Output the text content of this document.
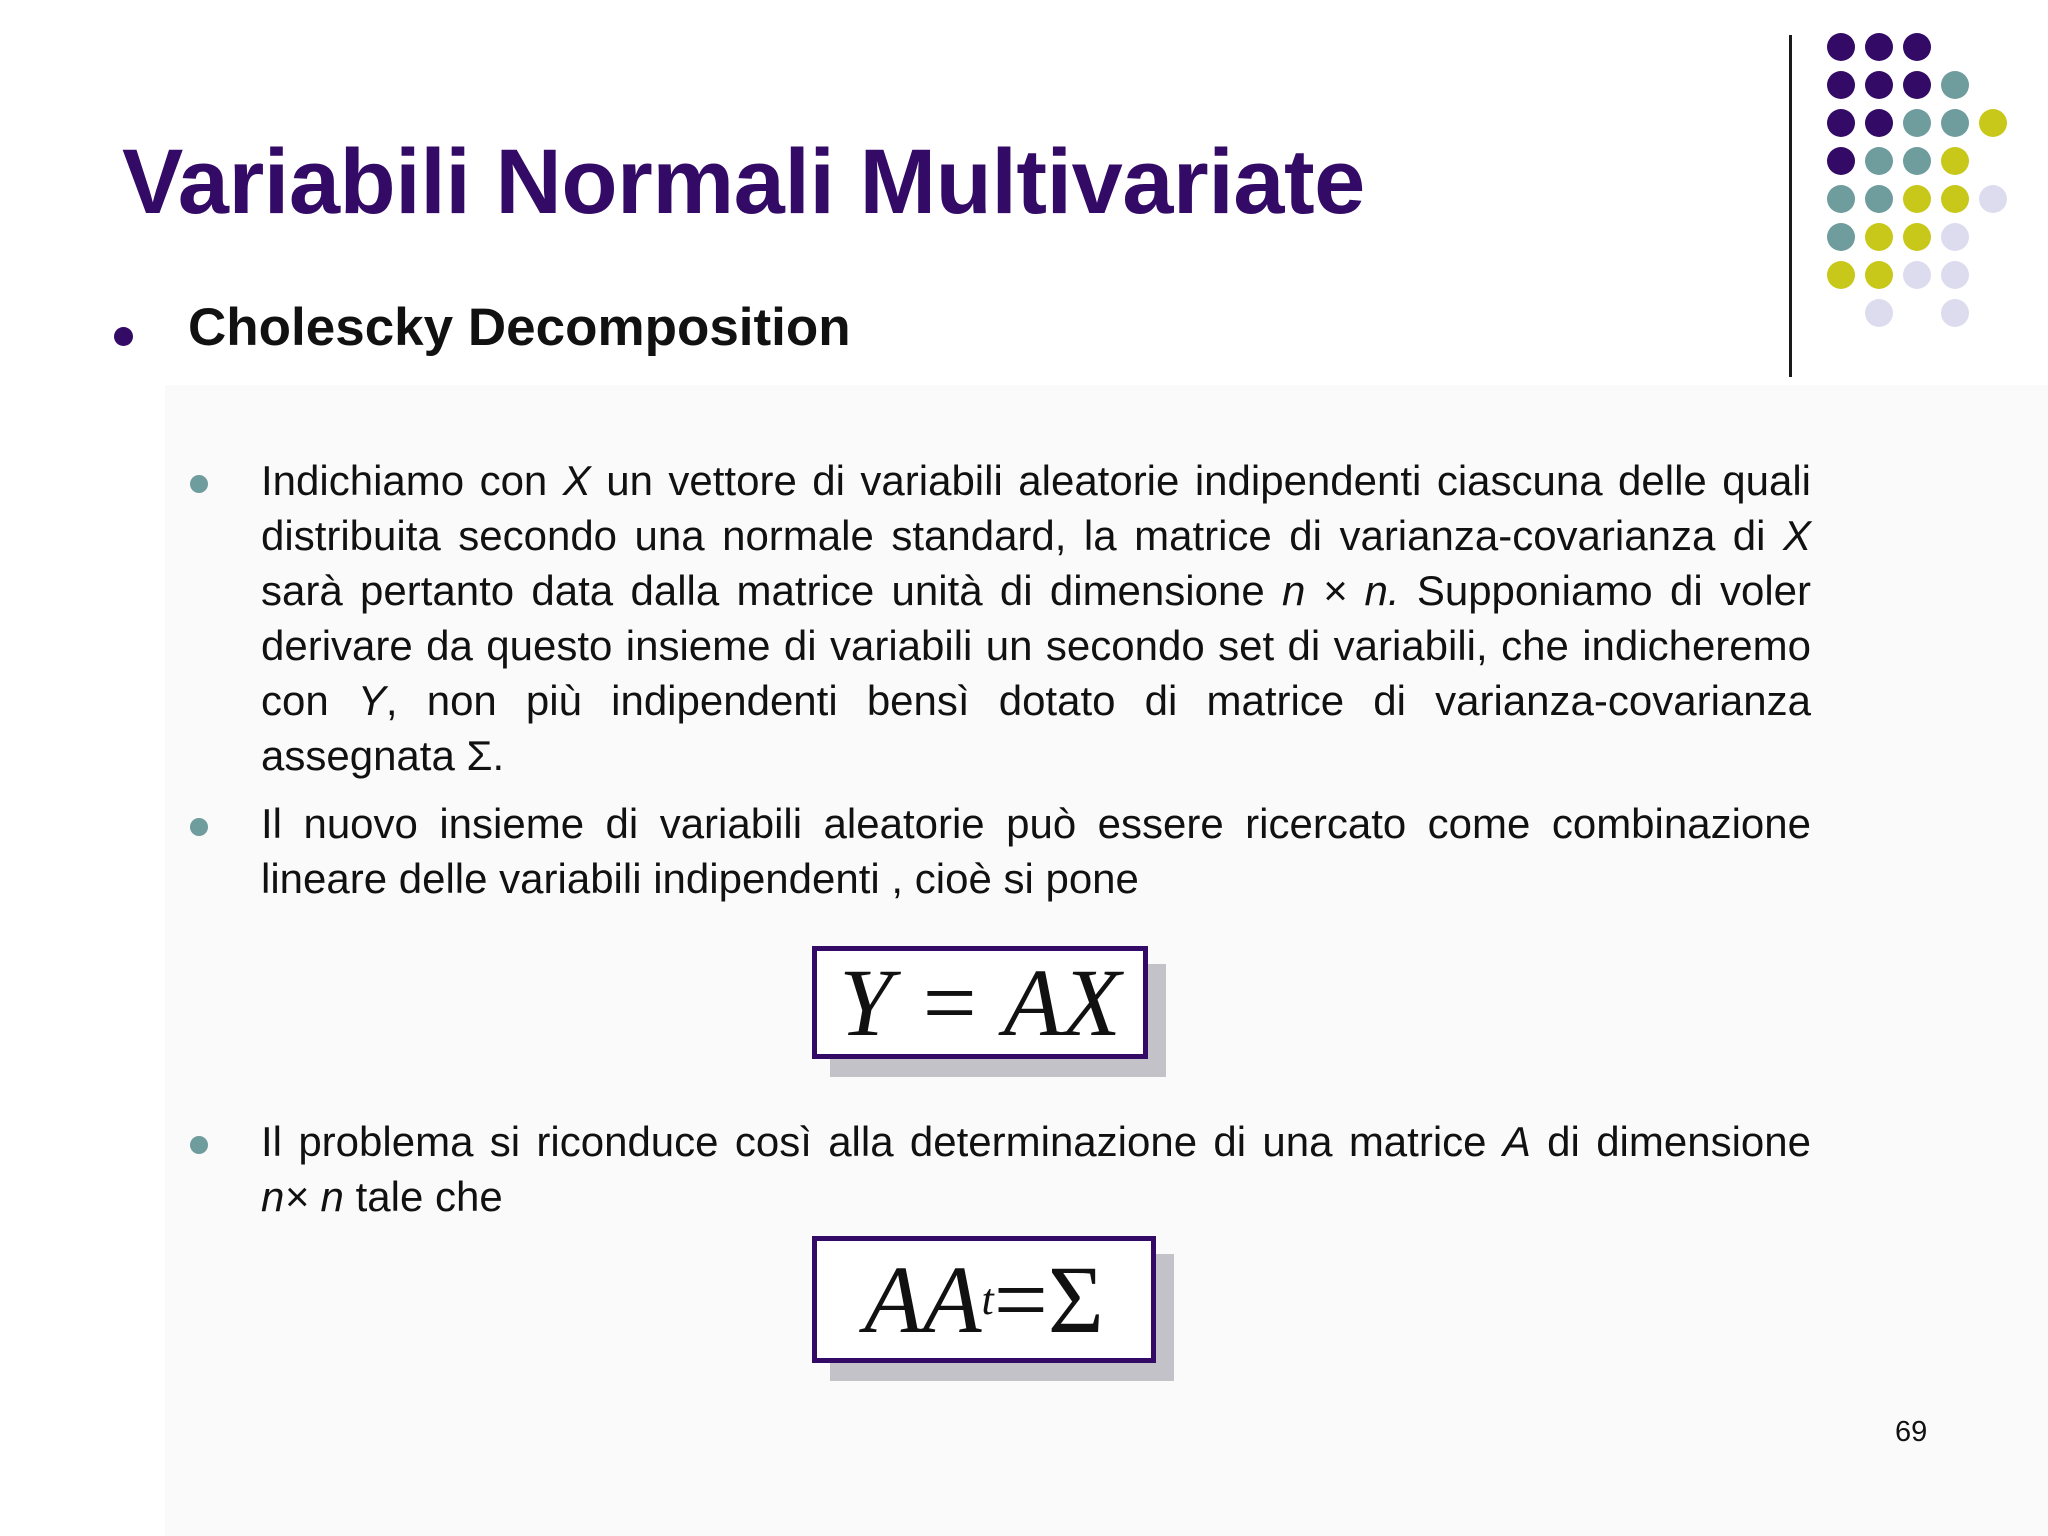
Variabili Normali Multivariate
Cholescky Decomposition

Indichiamo con X un vettore di variabili aleatorie indipendenti ciascuna delle quali distribuita secondo una normale standard, la matrice di varianza-covarianza di X sarà pertanto data dalla matrice unità di dimensione n × n. Supponiamo di voler derivare da questo insieme di variabili un secondo set di variabili, che indicheremo con Y, non più indipendenti bensì dotato di matrice di varianza-covarianza assegnata Σ.

Il nuovo insieme di variabili aleatorie può essere ricercato come combinazione lineare delle variabili indipendenti , cioè si pone

Y = AX

Il problema si riconduce così alla determinazione di una matrice A di dimensione n× n tale che

AA t = Σ
69
